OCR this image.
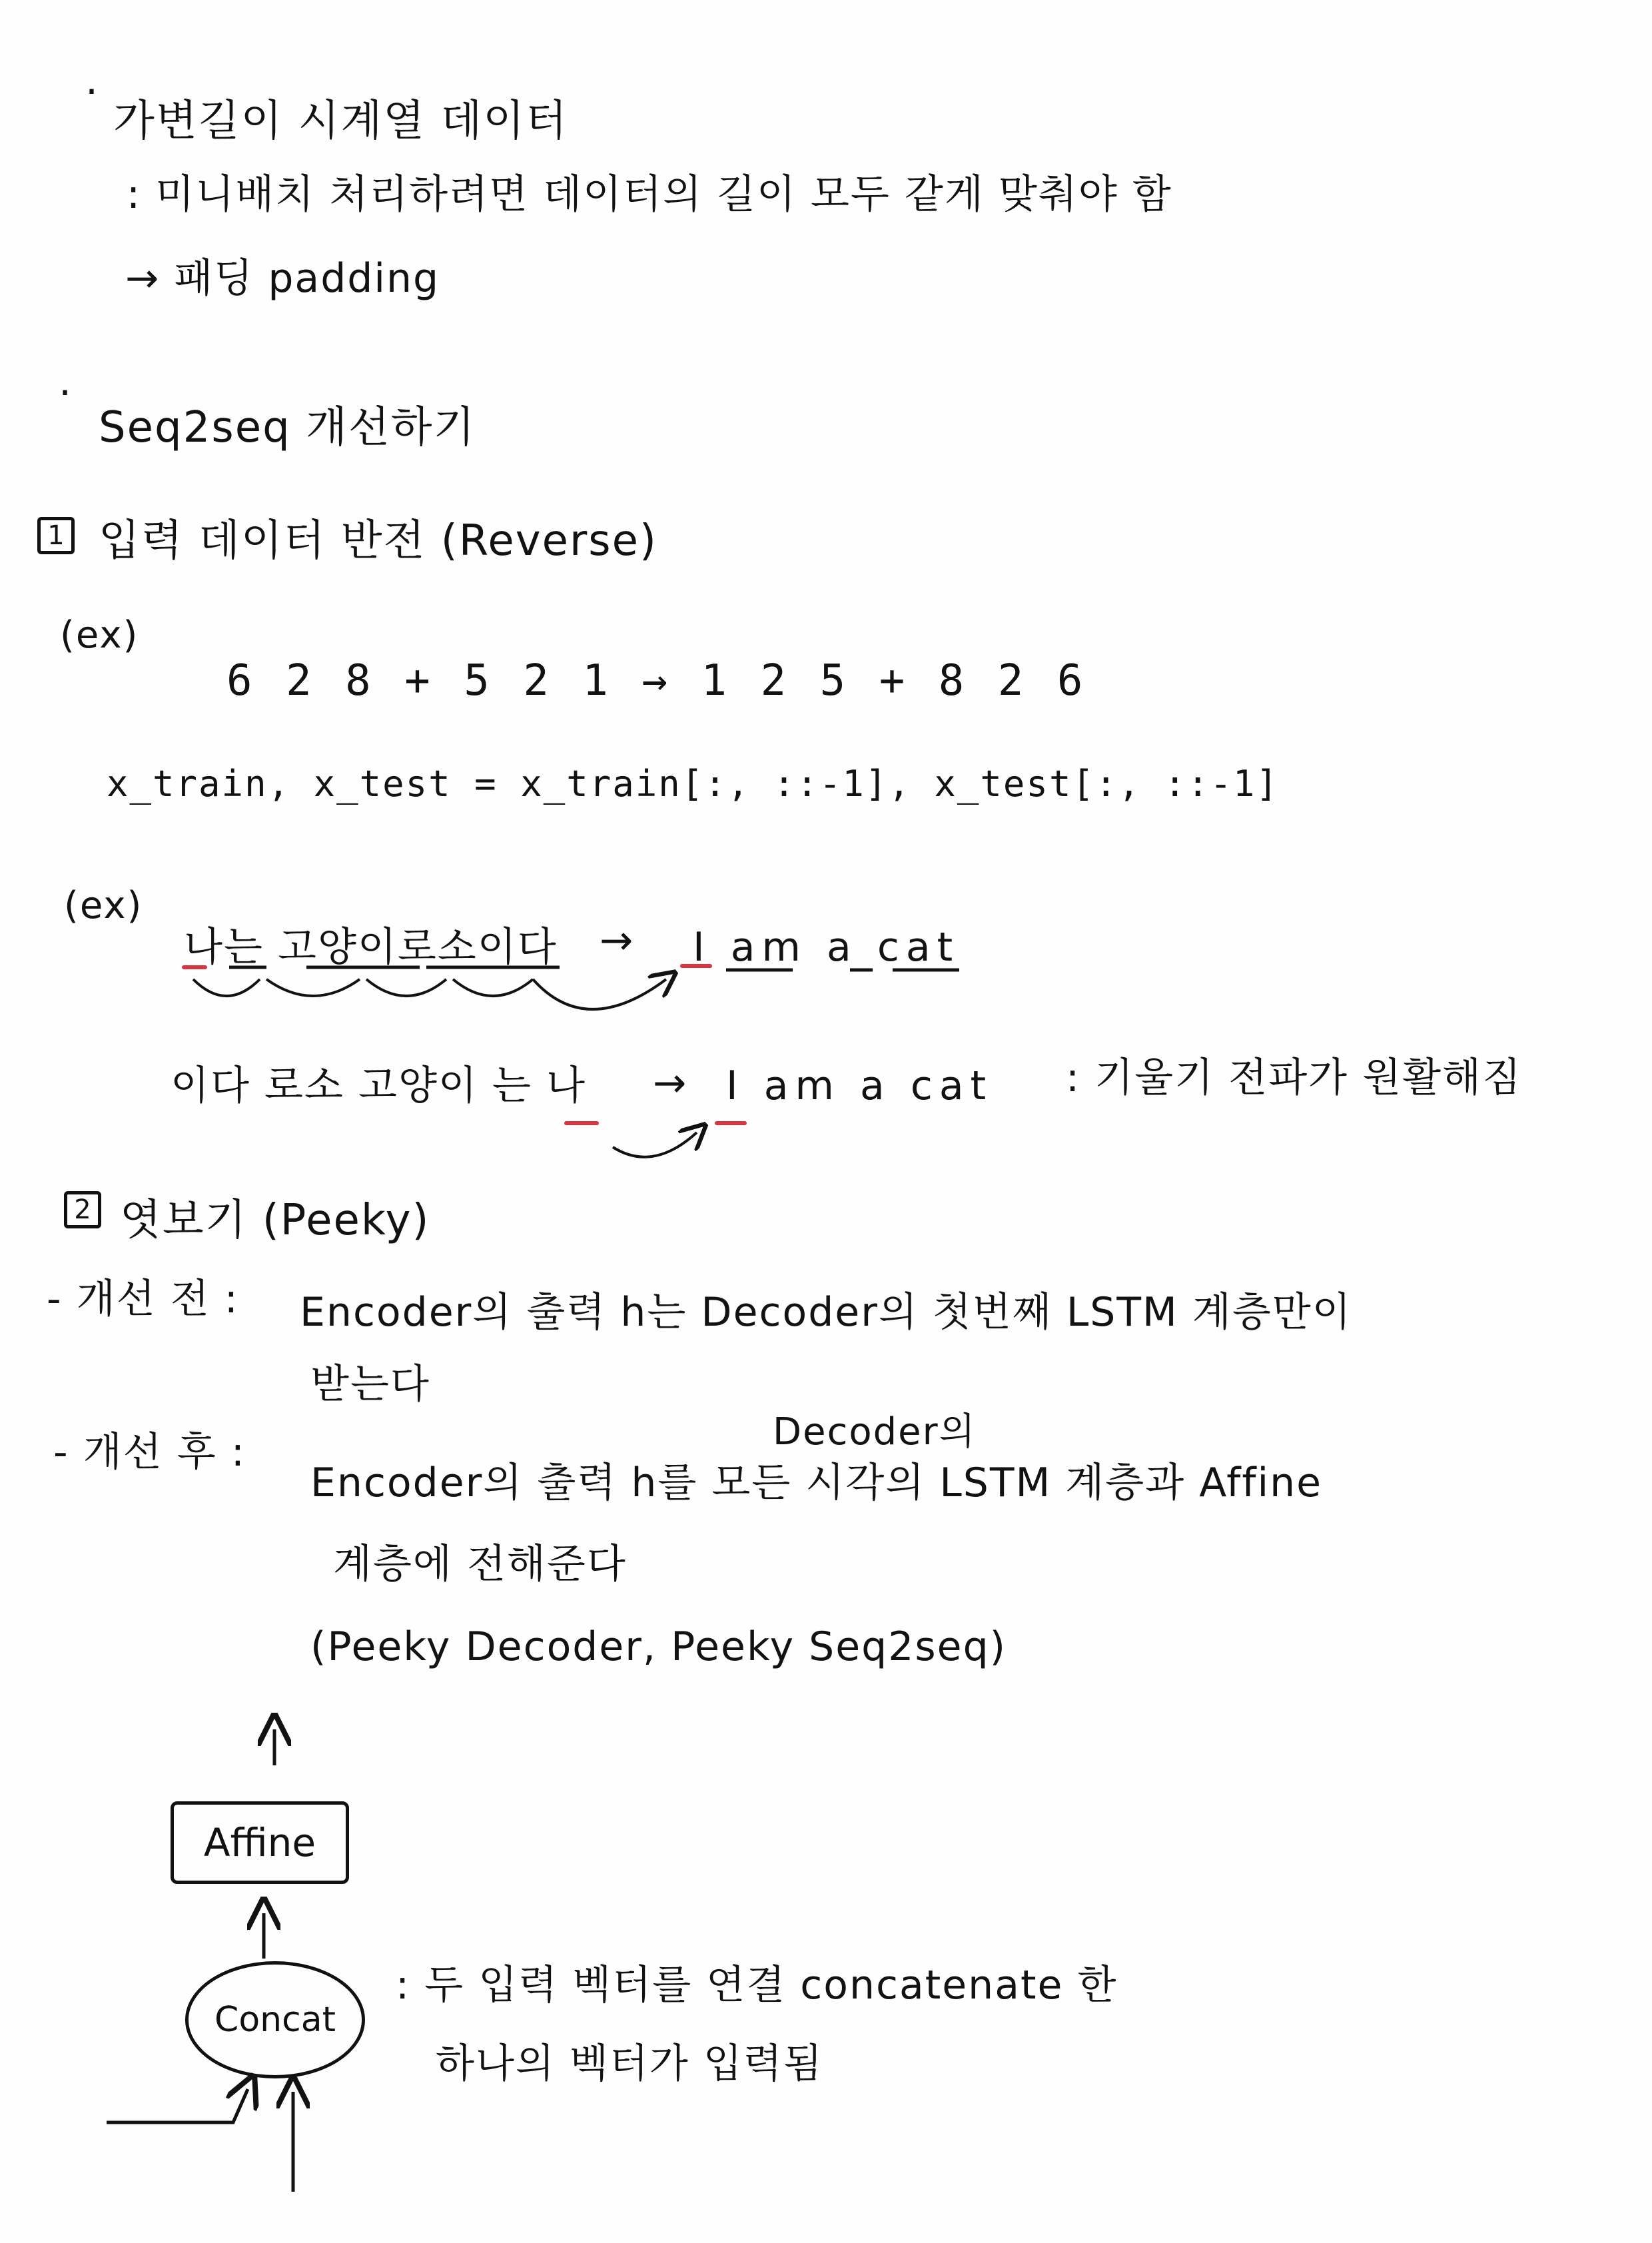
·
가변길이 시계열 데이터
: 미니배치 처리하려면 데이터의 길이 모두 같게 맞춰야 함
→ 패딩 padding
·
Seq2seq 개선하기
1 입력 데이터 반전 (Reverse)
(ex)
6 2 8 + 5 2 1 → 1 2 5 + 8 2 6
x_train, x_test = x_train[:, ::-1], x_test[:, ::-1]
(ex)
나는 고양이로소이다 → I am a cat
이다 로소 고양이 는 나 → I am a cat : 기울기 전파가 원활해짐
2 엿보기 (Peeky)
- 개선 전 : Encoder의 출력 h는 Decoder의 첫번째 LSTM 계층만이
받는다
- 개선 후 :	Decoder의
Encoder의 출력 h를 모든 시각의 LSTM 계층과 Affine
계층에 전해준다
(Peeky Decoder, Peeky Seq2seq)
Affine
Concat
: 두 입력 벡터를 연결 concatenate 한
하나의 벡터가 입력됨
